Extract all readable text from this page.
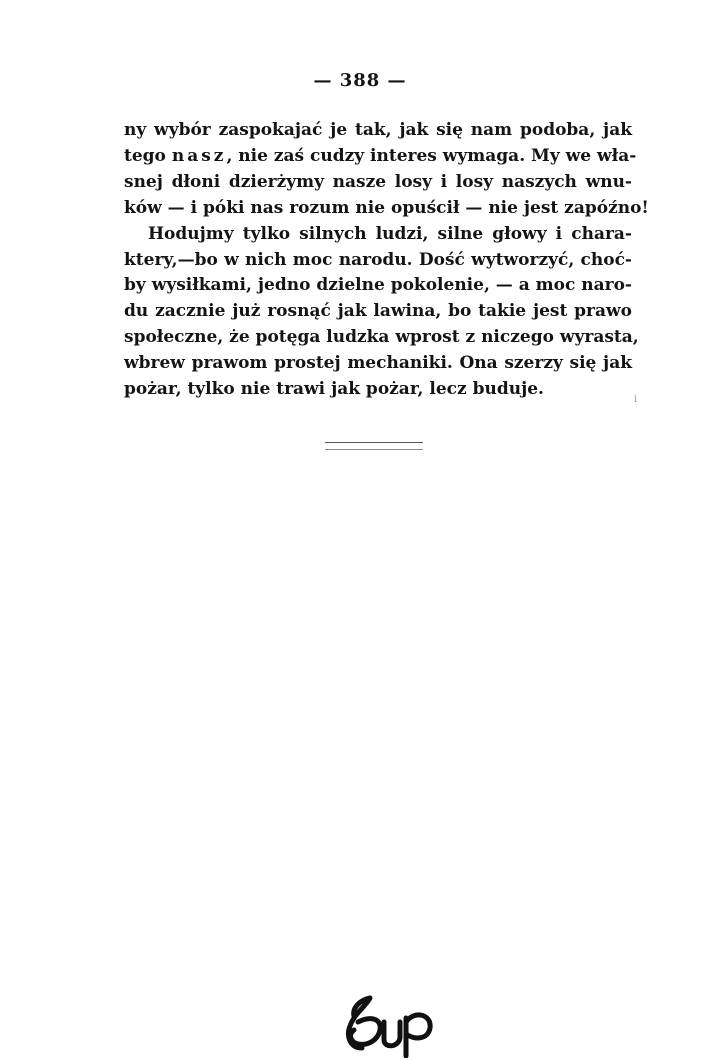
— 388 —
ny wybór zaspokajać je tak, jak się nam podoba, jak
tego nasz, nie zaś cudzy interes wymaga. My we wła-
snej dłoni dzierżymy nasze losy i losy naszych wnu-
ków — i póki nas rozum nie opuścił — nie jest zapóźno!
Hodujmy tylko silnych ludzi, silne głowy i chara-
ktery,—bo w nich moc narodu. Dość wytworzyć, choć-
by wysiłkami, jedno dzielne pokolenie, — a moc naro-
du zacznie już rosnąć jak lawina, bo takie jest prawo
społeczne, że potęga ludzka wprost z niczego wyrasta,
wbrew prawom prostej mechaniki. Ona szerzy się jak
pożar, tylko nie trawi jak pożar, lecz buduje.
ⅰ
BUP
